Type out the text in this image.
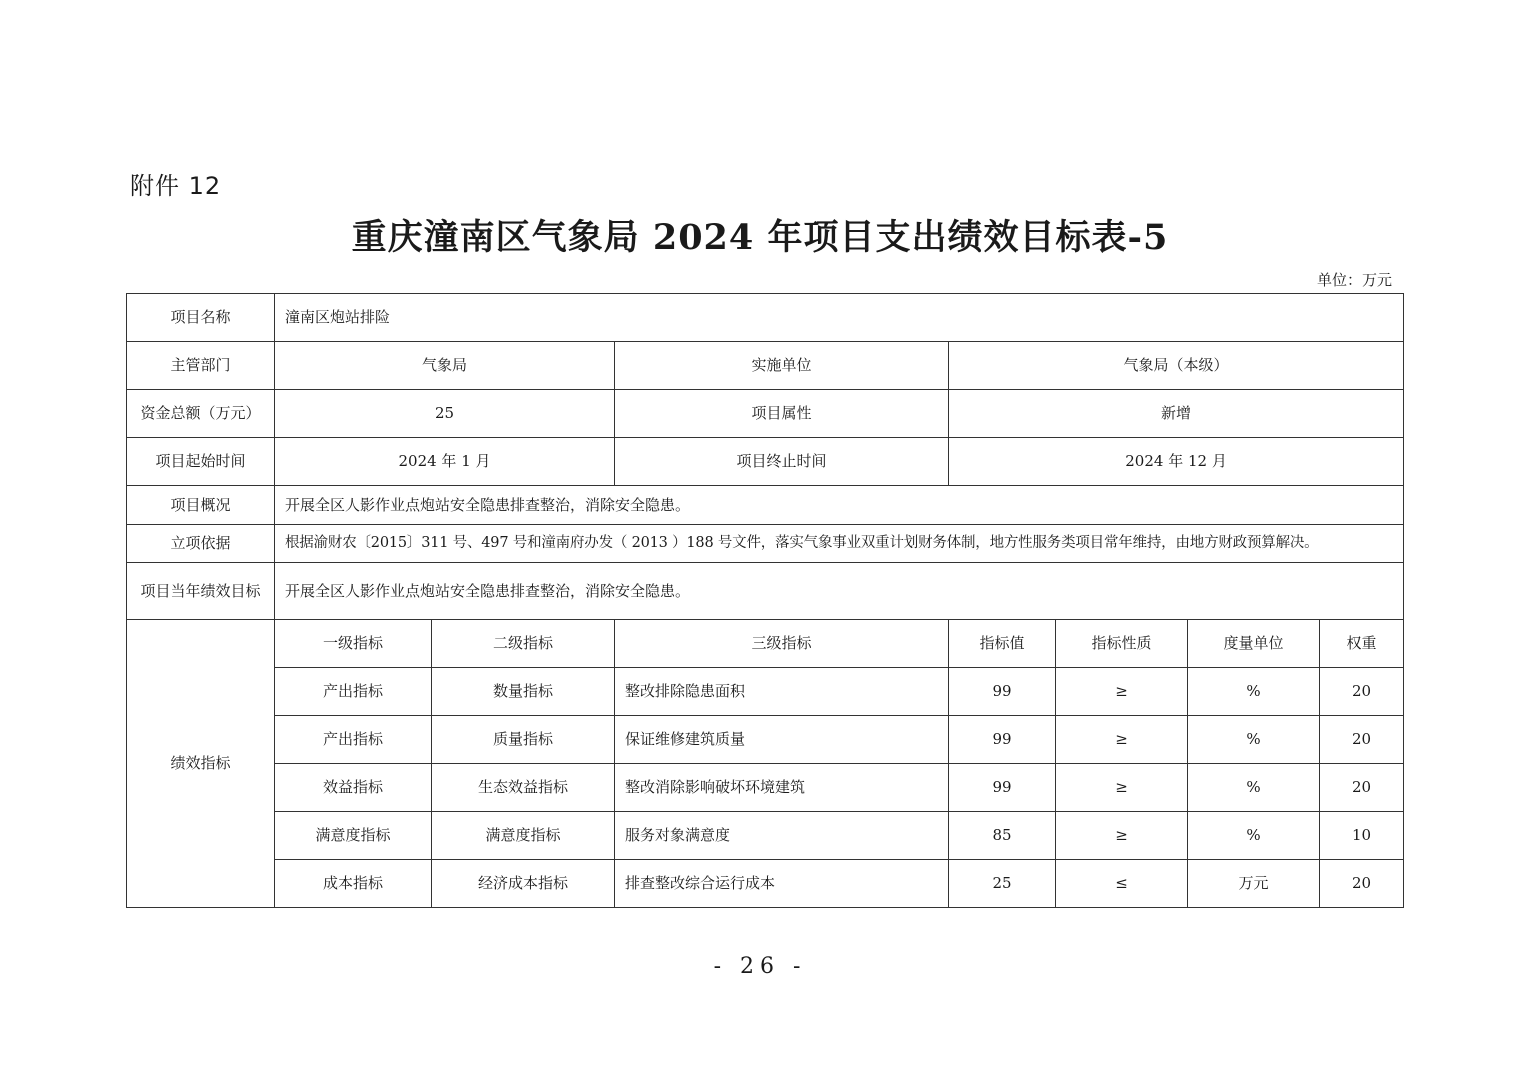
附件 12
重庆潼南区气象局 2024 年项目支出绩效目标表-5
单位：万元
项目名称	潼南区炮站排险						
主管部门	气象局		实施单位	气象局（本级）			
资金总额（万元）	25		项目属性	新增			
项目起始时间	2024 年 1 月		项目终止时间	2024 年 12 月			
项目概况	开展全区人影作业点炮站安全隐患排查整治，消除安全隐患。						
立项依据	根据渝财农〔2015〕311 号、497 号和潼南府办发（ 2013 ）188 号文件，落实气象事业双重计划财务体制，地方性服务类项目常年维持，由地方财政预算解决。						
项目当年绩效目标	开展全区人影作业点炮站安全隐患排查整治，消除安全隐患。						
绩效指标	一级指标	二级指标	三级指标	指标值	指标性质	度量单位	权重
	产出指标	数量指标	整改排除隐患面积	99	≥	%	20
	产出指标	质量指标	保证维修建筑质量	99	≥	%	20
	效益指标	生态效益指标	整改消除影响破坏环境建筑	99	≥	%	20
	满意度指标	满意度指标	服务对象满意度	85	≥	%	10
	成本指标	经济成本指标	排查整改综合运行成本	25	≤	万元	20
- 26 -
